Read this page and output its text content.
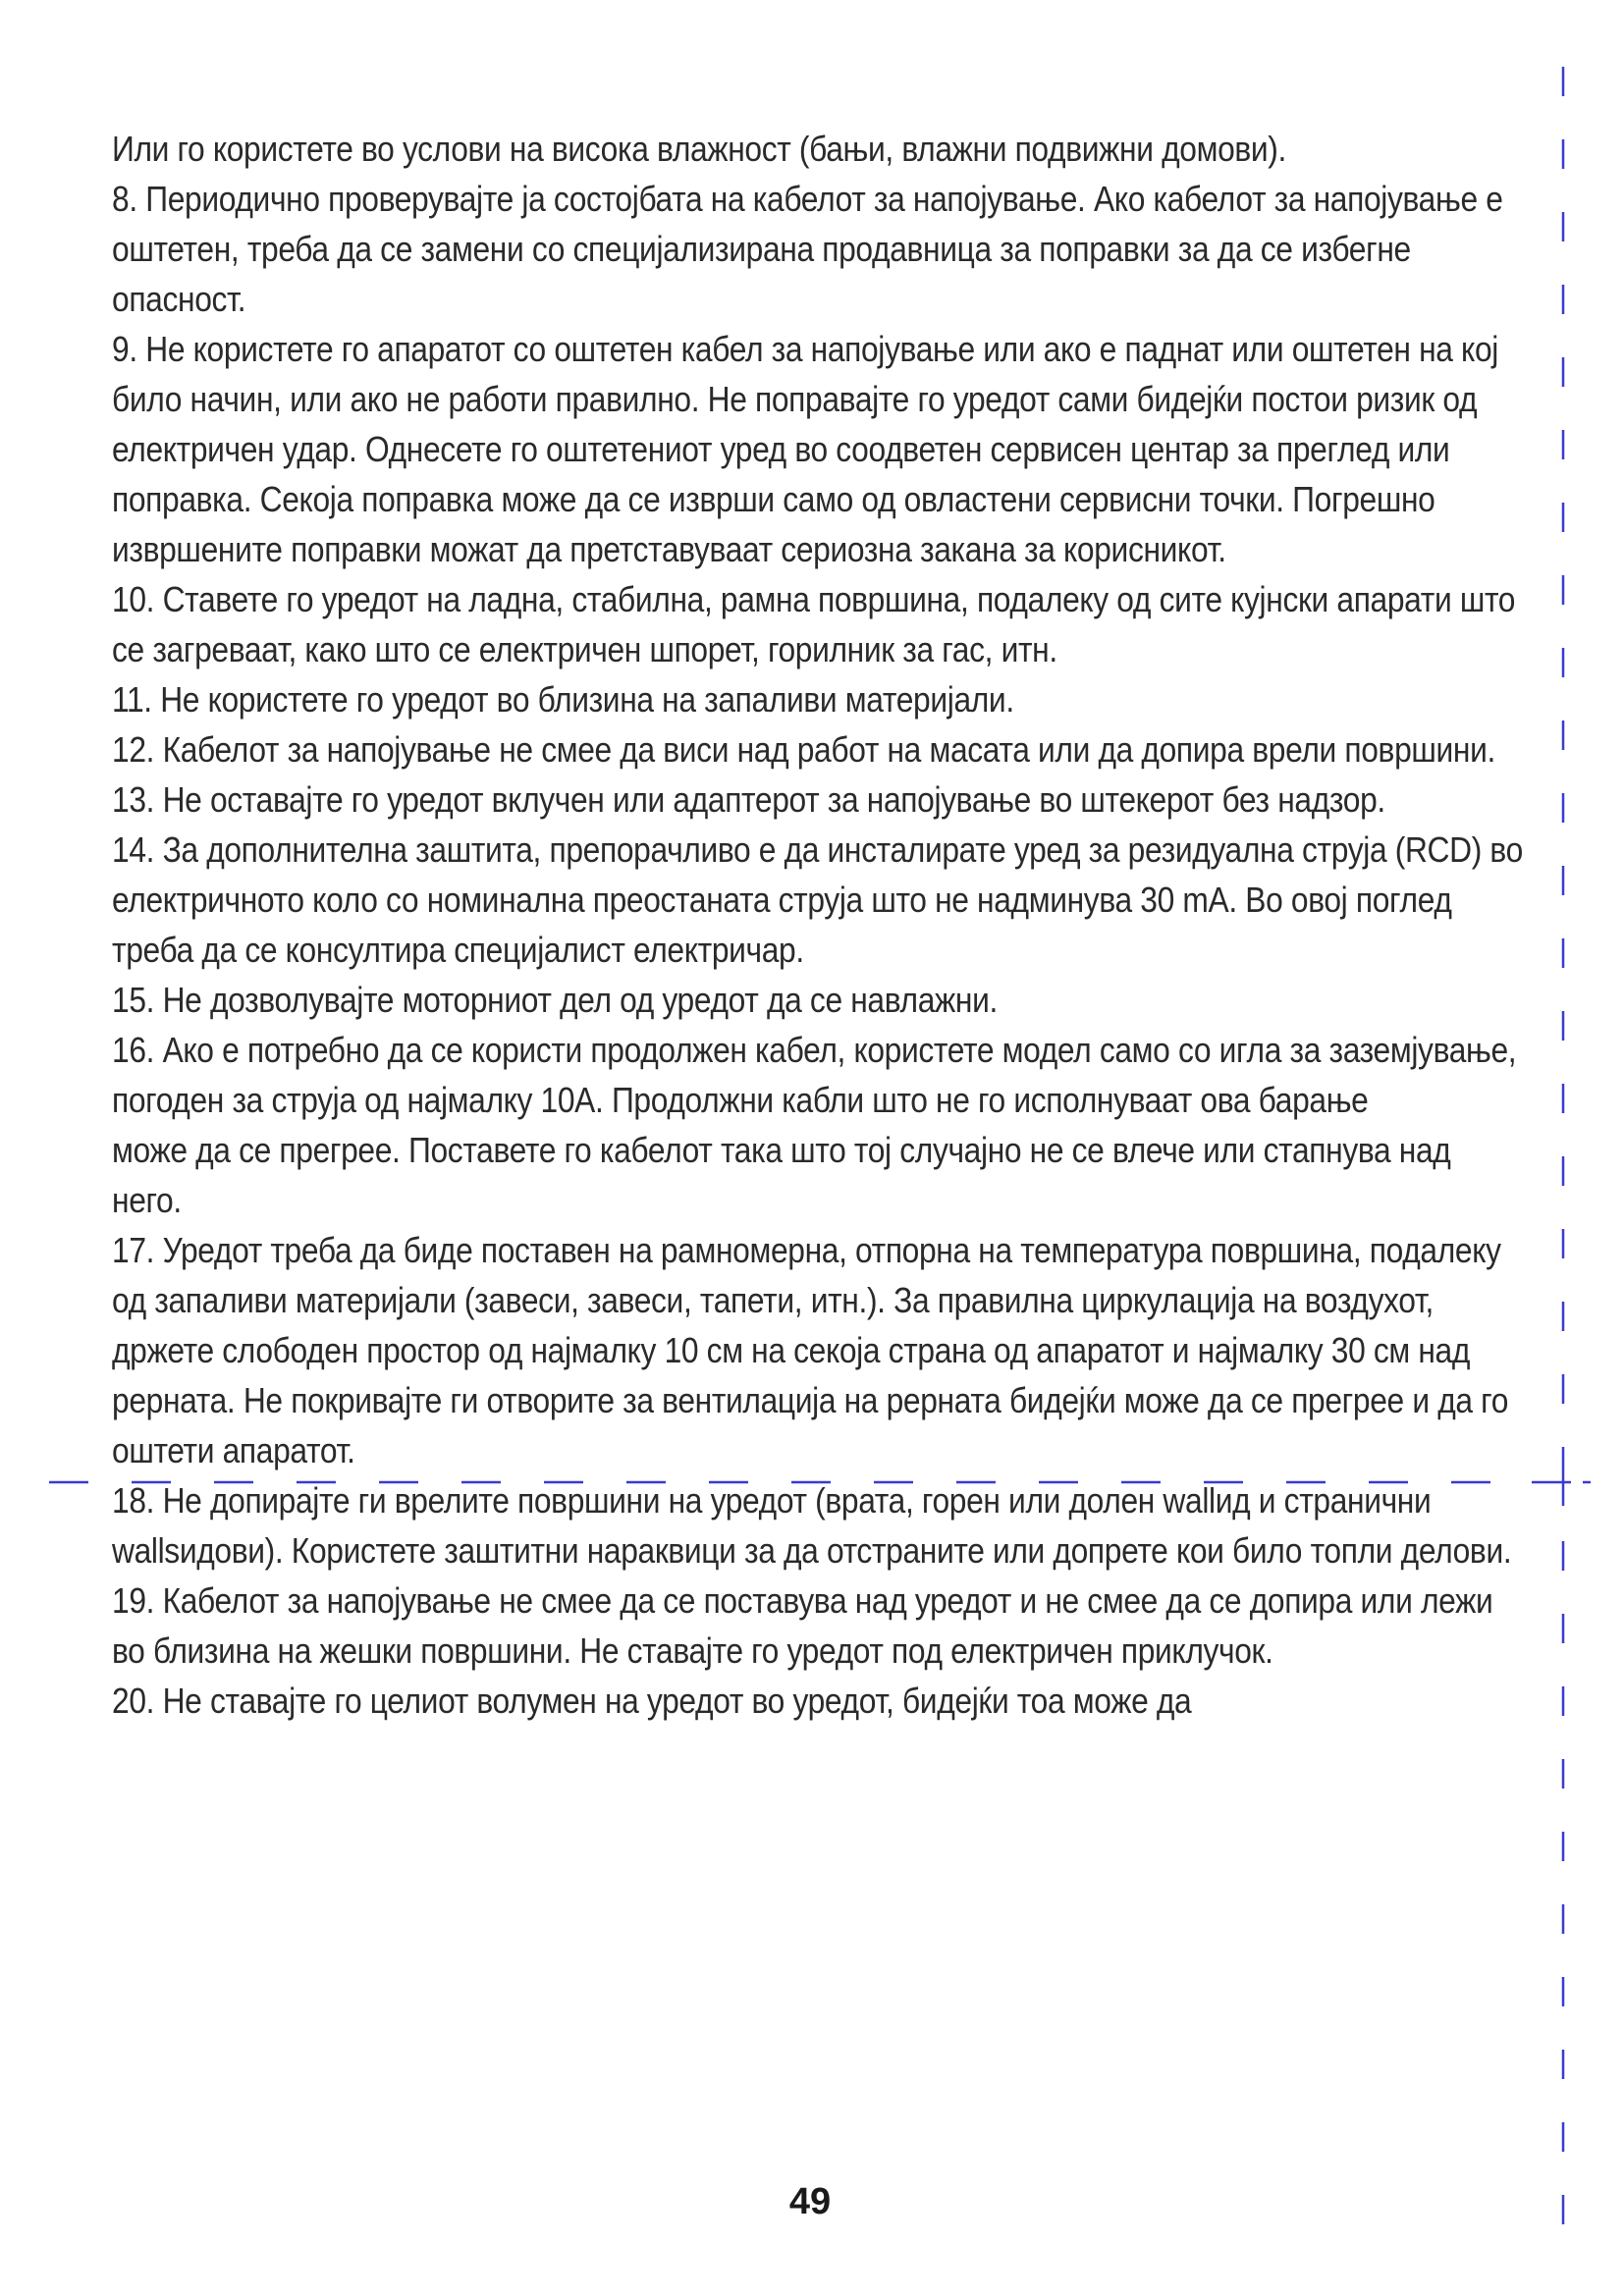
Или го користете во услови на висока влажност (бањи, влажни подвижни домови).

8. Периодично проверувајте ја состојбата на кабелот за напојување. Ако кабелот за напојување е оштетен, треба да се замени со специјализирана продавница за поправки за да се избегне опасност.

9. Не користете го апаратот со оштетен кабел за напојување или ако е паднат или оштетен на кој било начин, или ако не работи правилно. Не поправајте го уредот сами бидејќи постои ризик од електричен удар. Однесете го оштетениот уред во соодветен сервисен центар за преглед или поправка. Секоја поправка може да се изврши само од овластени сервисни точки. Погрешно извршените поправки можат да претставуваат сериозна закана за корисникот.

10. Ставете го уредот на ладна, стабилна, рамна површина, подалеку од сите кујнски апарати што се загреваат, како што се електричен шпорет, горилник за гас, итн.

11. Не користете го уредот во близина на запаливи материјали.

12. Кабелот за напојување не смее да виси над работ на масата или да допира врели површини.

13. Не оставајте го уредот вклучен или адаптерот за напојување во штекерот без надзор.

14. За дополнителна заштита, препорачливо е да инсталирате уред за резидуална струја (RCD) во електричното коло со номинална преостаната струја што не надминува 30 mA. Во овој поглед треба да се консултира специјалист електричар.

15. Не дозволувајте моторниот дел од уредот да се навлажни.

16. Ако е потребно да се користи продолжен кабел, користете модел само со игла за заземјување, погоден за струја од најмалку 10А. Продолжни кабли што не го исполнуваат ова барање

може да се прегрее. Поставете го кабелот така што тој случајно не се влече или стапнува над него.

17. Уредот треба да биде поставен на рамномерна, отпорна на температура површина, подалеку од запаливи материјали (завеси, завеси, тапети, итн.). За правилна циркулација на воздухот, држете слободен простор од најмалку 10 см на секоја страна од апаратот и најмалку 30 см над рерната. Не покривајте ги отворите за вентилација на рерната бидејќи може да се прегрее и да го оштети апаратот.

18. Не допирајте ги врелите површини на уредот (врата, горен или долен wallид и странични wallsидови). Користете заштитни нараквици за да отстраните или допрете кои било топли делови.

19. Кабелот за напојување не смее да се поставува над уредот и не смее да се допира или лежи во близина на жешки површини. Не ставајте го уредот под електричен приклучок.

20. Не ставајте го целиот волумен на уредот во уредот, бидејќи тоа може да

49
